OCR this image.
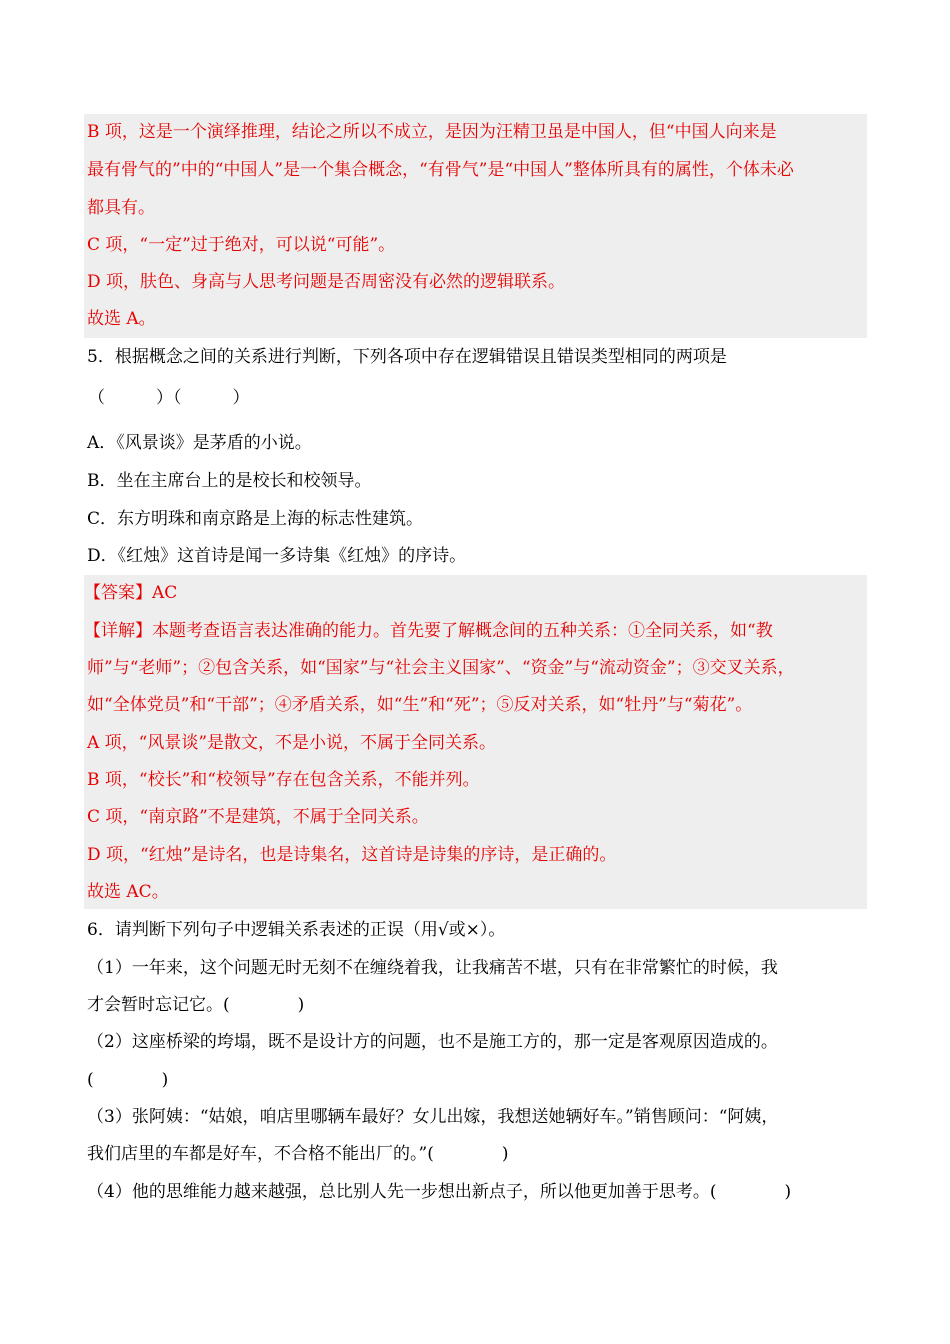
B 项，这是一个演绎推理，结论之所以不成立，是因为汪精卫虽是中国人，但“中国人向来是
最有骨气的”中的“中国人”是一个集合概念，“有骨气”是“中国人”整体所具有的属性，个体未必
都具有。
C 项，“一定”过于绝对，可以说“可能”。
D 项，肤色、身高与人思考问题是否周密没有必然的逻辑联系。
故选 A。
5．根据概念之间的关系进行判断，下列各项中存在逻辑错误且错误类型相同的两项是
（　　　）（　　　）
A．《风景谈》是茅盾的小说。
B．坐在主席台上的是校长和校领导。
C．东方明珠和南京路是上海的标志性建筑。
D．《红烛》这首诗是闻一多诗集《红烛》的序诗。
【答案】AC
【详解】本题考查语言表达准确的能力。首先要了解概念间的五种关系：①全同关系，如“教
师”与“老师”；②包含关系，如“国家”与“社会主义国家”、“资金”与“流动资金”；③交叉关系，
如“全体党员”和“干部”；④矛盾关系，如“生”和“死”；⑤反对关系，如“牡丹”与“菊花”。
A 项，“风景谈”是散文，不是小说，不属于全同关系。
B 项，“校长”和“校领导”存在包含关系，不能并列。
C 项，“南京路”不是建筑，不属于全同关系。
D 项，“红烛”是诗名，也是诗集名，这首诗是诗集的序诗，是正确的。
故选 AC。
6．请判断下列句子中逻辑关系表述的正误（用√或×）。
（1）一年来，这个问题无时无刻不在缠绕着我，让我痛苦不堪，只有在非常繁忙的时候，我
才会暂时忘记它。(　　　　)
（2）这座桥梁的垮塌，既不是设计方的问题，也不是施工方的，那一定是客观原因造成的。
(　　　　)
（3）张阿姨：“姑娘，咱店里哪辆车最好？女儿出嫁，我想送她辆好车。”销售顾问：“阿姨，
我们店里的车都是好车，不合格不能出厂的。”(　　　　)
（4）他的思维能力越来越强，总比别人先一步想出新点子，所以他更加善于思考。(　　　　)
